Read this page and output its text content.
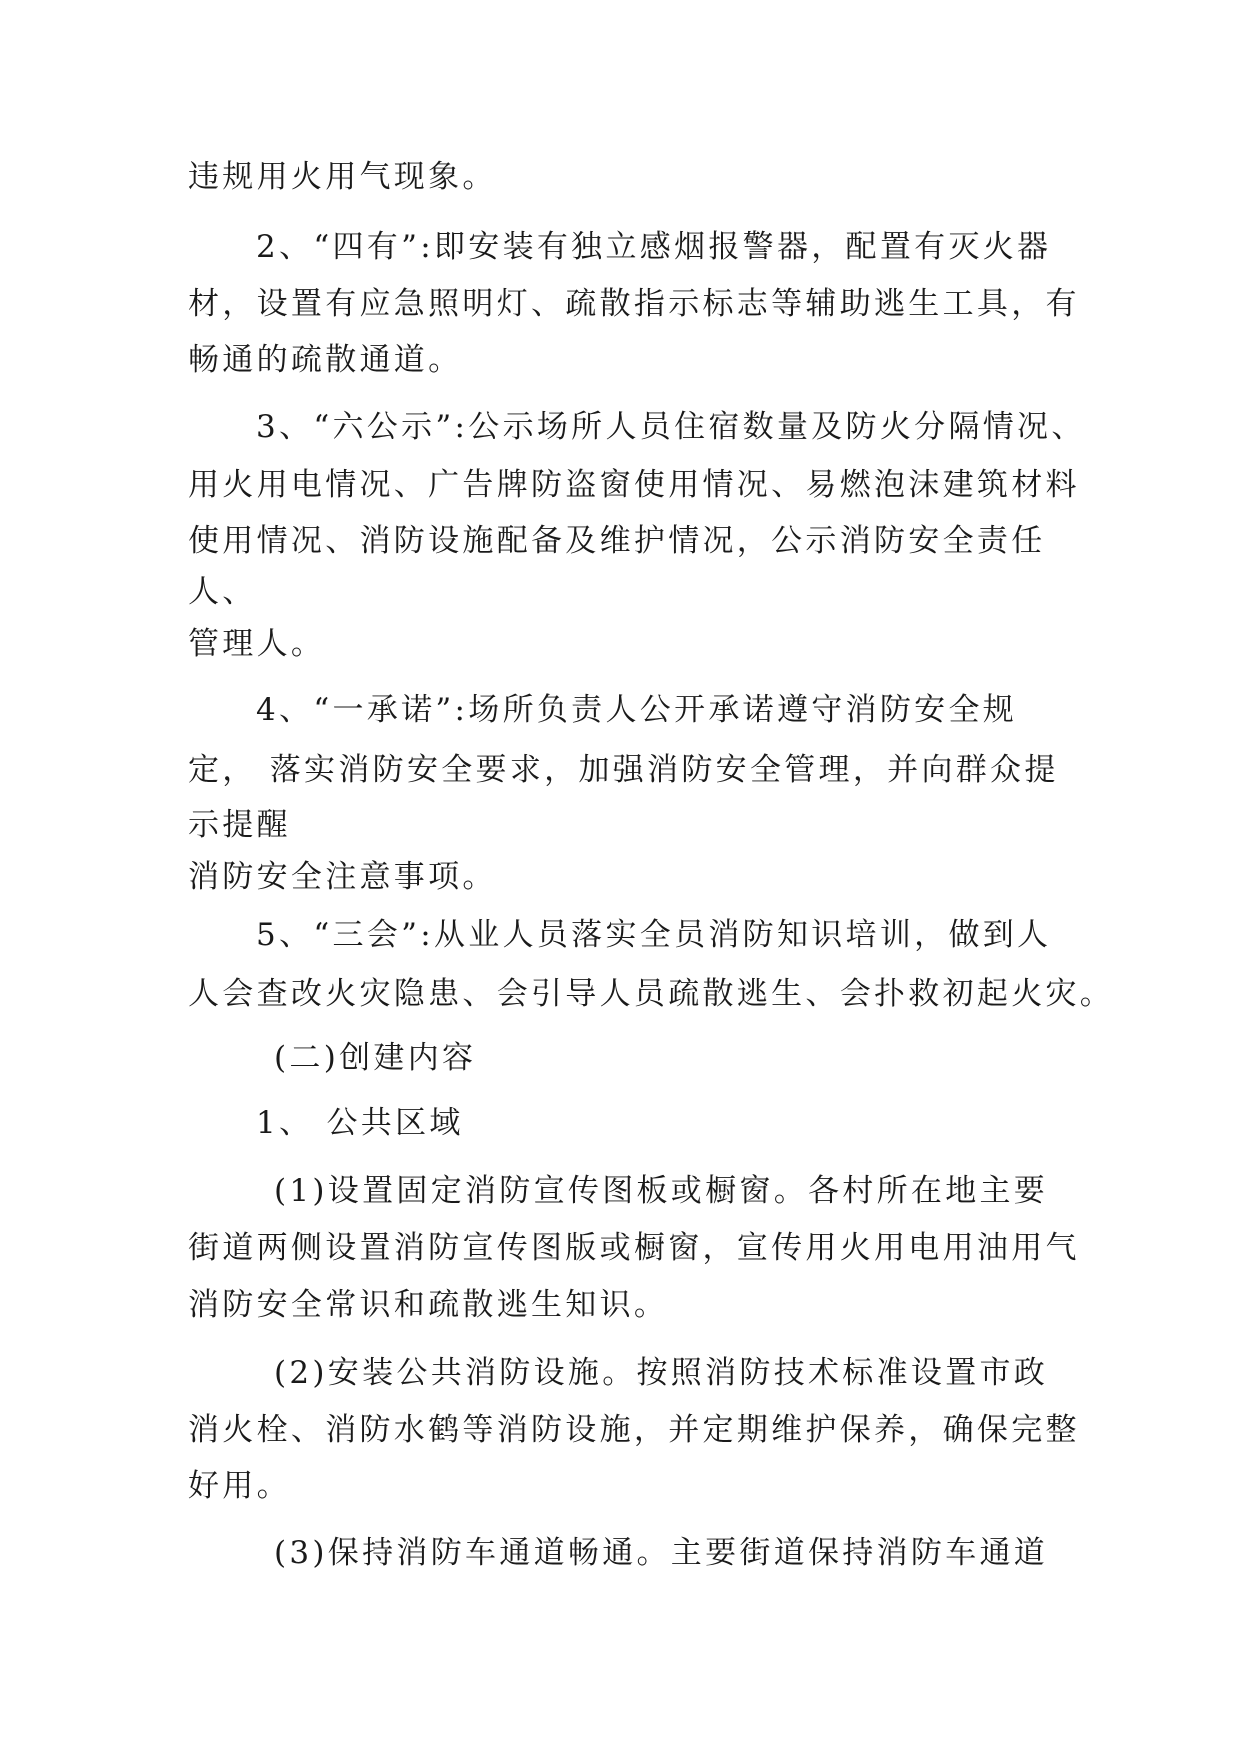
违规用火用气现象。

2、“四有”:即安装有独立感烟报警器，配置有灭火器

材，设置有应急照明灯、疏散指示标志等辅助逃生工具，有

畅通的疏散通道。

3、“六公示”:公示场所人员住宿数量及防火分隔情况、

用火用电情况、广告牌防盗窗使用情况、易燃泡沫建筑材料

使用情况、消防设施配备及维护情况，公示消防安全责任

人、

管理人。

4、“一承诺”:场所负责人公开承诺遵守消防安全规

定， 落实消防安全要求，加强消防安全管理，并向群众提

示提醒

消防安全注意事项。

5、“三会”:从业人员落实全员消防知识培训，做到人

人会查改火灾隐患、会引导人员疏散逃生、会扑救初起火灾。

(二)创建内容

1、 公共区域

(1)设置固定消防宣传图板或橱窗。各村所在地主要

街道两侧设置消防宣传图版或橱窗，宣传用火用电用油用气

消防安全常识和疏散逃生知识。

(2)安装公共消防设施。按照消防技术标准设置市政

消火栓、消防水鹤等消防设施，并定期维护保养，确保完整

好用。

(3)保持消防车通道畅通。主要街道保持消防车通道
